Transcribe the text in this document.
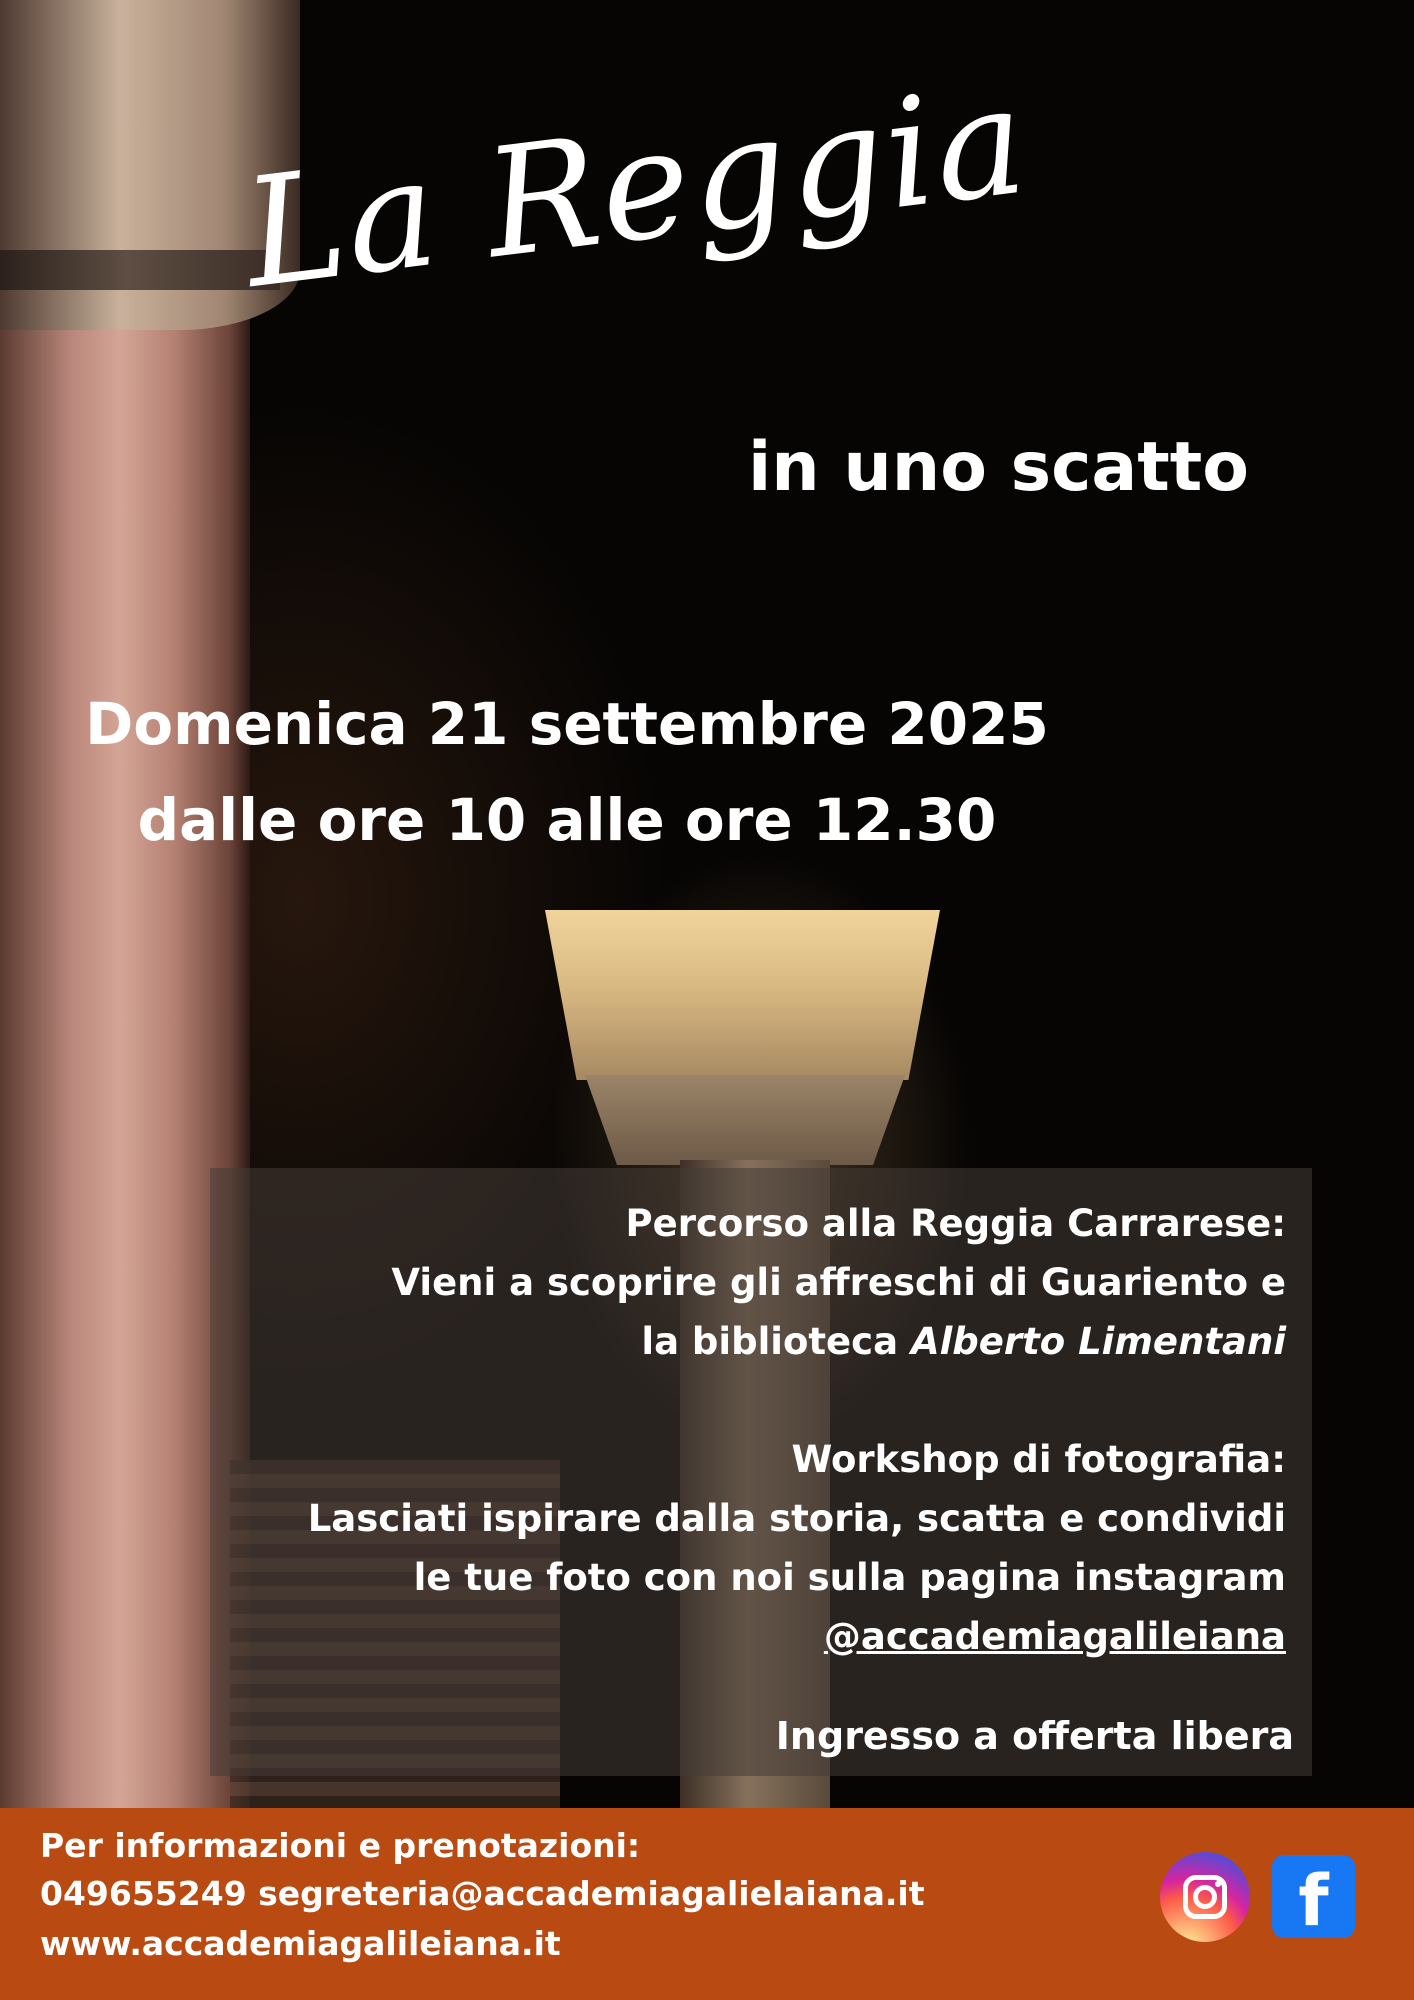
La Reggia
in uno scatto
Domenica 21 settembre 2025
dalle ore 10 alle ore 12.30
Percorso alla Reggia Carrarese:
Vieni a scoprire gli affreschi di Guariento e
la biblioteca Alberto Limentani
Workshop di fotografia:
Lasciati ispirare dalla storia, scatta e condividi
le tue foto con noi sulla pagina instagram
@accademiagalileiana
Ingresso a offerta libera
Per informazioni e prenotazioni:
049655249 segreteria@accademiagalielaiana.it
www.accademiagalileiana.it
f
